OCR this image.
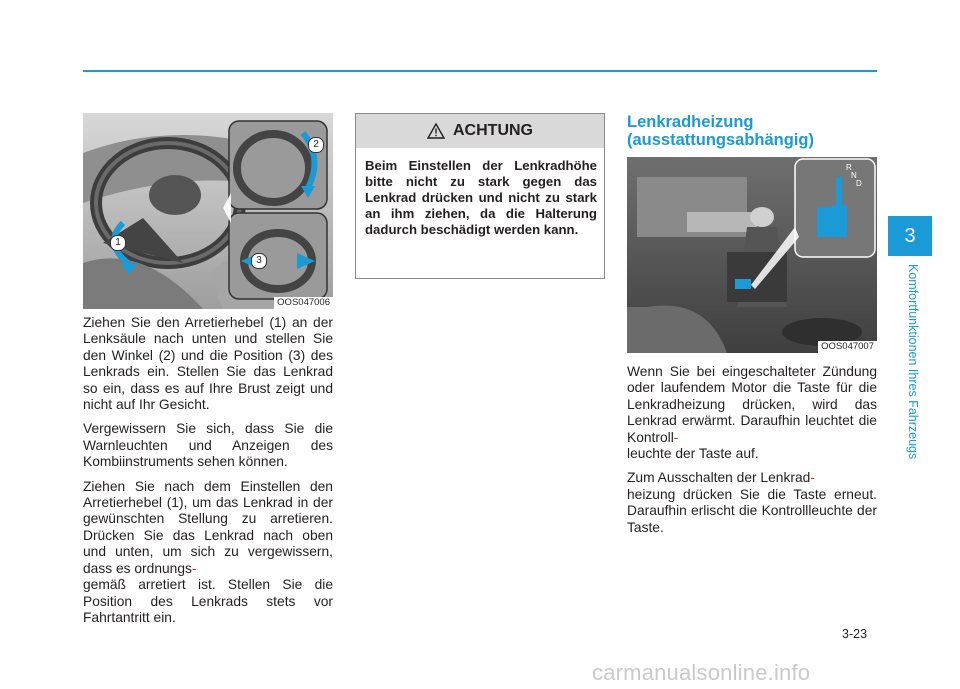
1
2
3
OOS047006

Ziehen Sie den Arretierhebel (1) an der Lenksäule nach unten und stellen Sie den Winkel (2) und die Position (3) des Lenkrads ein. Stellen Sie das Lenkrad so ein, dass es auf Ihre Brust zeigt und nicht auf Ihr Gesicht.

Vergewissern Sie sich, dass Sie die Warnleuchten und Anzeigen des Kombiinstruments sehen können.

Ziehen Sie nach dem Einstellen den Arretierhebel (1), um das Lenkrad in der gewünschten Stellung zu arretieren. Drücken Sie das Lenkrad nach oben und unten, um sich zu vergewissern, dass es ordnungs-
gemäß arretiert ist. Stellen Sie die Position des Lenkrads stets vor Fahrtantritt ein.

ACHTUNG
Beim Einstellen der Lenkradhöhe bitte nicht zu stark gegen das Lenkrad drücken und nicht zu stark an ihm ziehen, da die Halterung dadurch beschädigt werden kann.
Lenkradheizung
(ausstattungsabhängig)
R
N
D
OOS047007

Wenn Sie bei eingeschalteter Zündung oder laufendem Motor die Taste für die Lenkradheizung drücken, wird das Lenkrad erwärmt. Daraufhin leuchtet die Kontroll-
leuchte der Taste auf.

Zum Ausschalten der Lenkrad-
heizung drücken Sie die Taste erneut. Daraufhin erlischt die Kontrollleuchte der Taste.

3
Komfortfunktionen Ihres Fahrzeugs
3-23
carmanualsonline.info
